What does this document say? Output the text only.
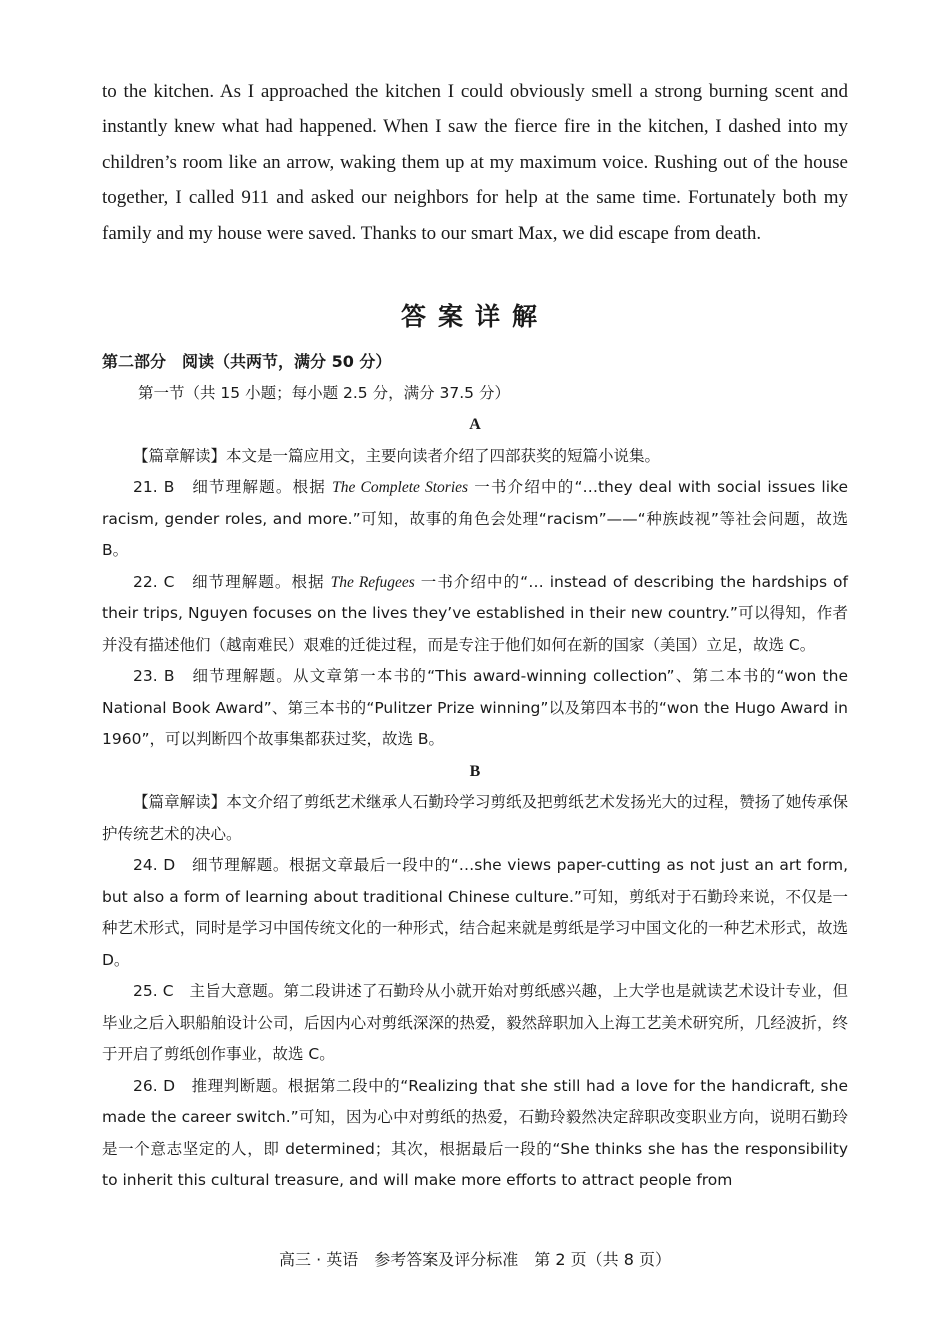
to the kitchen. As I approached the kitchen I could obviously smell a strong burning scent and instantly knew what had happened. When I saw the fierce fire in the kitchen, I dashed into my children’s room like an arrow, waking them up at my maximum voice. Rushing out of the house together, I called 911 and asked our neighbors for help at the same time. Fortunately both my family and my house were saved. Thanks to our smart Max, we did escape from death.

答案详解

第二部分　阅读（共两节，满分 50 分）

第一节（共 15 小题；每小题 2.5 分，满分 37.5 分）

A

【篇章解读】本文是一篇应用文，主要向读者介绍了四部获奖的短篇小说集。

21. B　细节理解题。根据 The Complete Stories 一书介绍中的“…they deal with social issues like racism, gender roles, and more.”可知，故事的角色会处理“racism”——“种族歧视”等社会问题，故选 B。

22. C　细节理解题。根据 The Refugees 一书介绍中的“… instead of describing the hardships of their trips, Nguyen focuses on the lives they’ve established in their new country.”可以得知，作者并没有描述他们（越南难民）艰难的迁徙过程，而是专注于他们如何在新的国家（美国）立足，故选 C。

23. B　细节理解题。从文章第一本书的“This award-winning collection”、第二本书的“won the National Book Award”、第三本书的“Pulitzer Prize winning”以及第四本书的“won the Hugo Award in 1960”，可以判断四个故事集都获过奖，故选 B。

B

【篇章解读】本文介绍了剪纸艺术继承人石勤玲学习剪纸及把剪纸艺术发扬光大的过程，赞扬了她传承保护传统艺术的决心。

24. D　细节理解题。根据文章最后一段中的“…she views paper-cutting as not just an art form, but also a form of learning about traditional Chinese culture.”可知，剪纸对于石勤玲来说，不仅是一种艺术形式，同时是学习中国传统文化的一种形式，结合起来就是剪纸是学习中国文化的一种艺术形式，故选 D。

25. C　主旨大意题。第二段讲述了石勤玲从小就开始对剪纸感兴趣，上大学也是就读艺术设计专业，但毕业之后入职船舶设计公司，后因内心对剪纸深深的热爱，毅然辞职加入上海工艺美术研究所，几经波折，终于开启了剪纸创作事业，故选 C。

26. D　推理判断题。根据第二段中的“Realizing that she still had a love for the handicraft, she made the career switch.”可知，因为心中对剪纸的热爱，石勤玲毅然决定辞职改变职业方向，说明石勤玲是一个意志坚定的人，即 determined；其次，根据最后一段的“She thinks she has the responsibility to inherit this cultural treasure, and will make more efforts to attract people from

高三 · 英语　参考答案及评分标准　第 2 页（共 8 页）
